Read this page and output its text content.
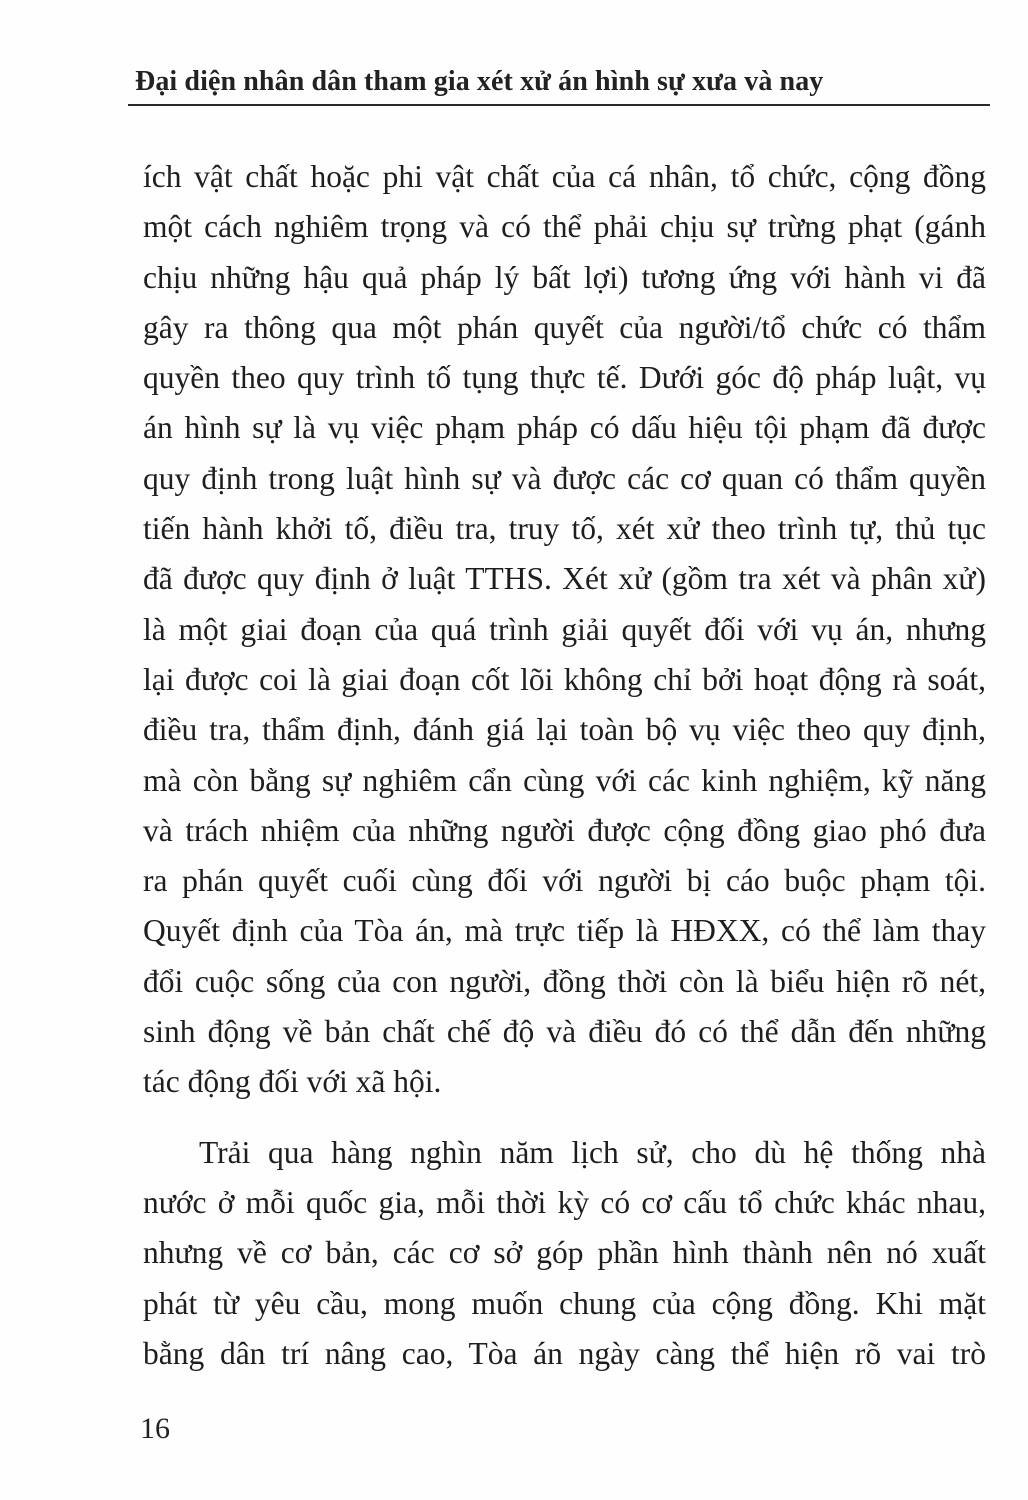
Đại diện nhân dân tham gia xét xử án hình sự xưa và nay
ích vật chất hoặc phi vật chất của cá nhân, tổ chức, cộng đồng
một cách nghiêm trọng và có thể phải chịu sự trừng phạt (gánh
chịu những hậu quả pháp lý bất lợi) tương ứng với hành vi đã
gây ra thông qua một phán quyết của người/tổ chức có thẩm
quyền theo quy trình tố tụng thực tế. Dưới góc độ pháp luật, vụ
án hình sự là vụ việc phạm pháp có dấu hiệu tội phạm đã được
quy định trong luật hình sự và được các cơ quan có thẩm quyền
tiến hành khởi tố, điều tra, truy tố, xét xử theo trình tự, thủ tục
đã được quy định ở luật TTHS. Xét xử (gồm tra xét và phân xử)
là một giai đoạn của quá trình giải quyết đối với vụ án, nhưng
lại được coi là giai đoạn cốt lõi không chỉ bởi hoạt động rà soát,
điều tra, thẩm định, đánh giá lại toàn bộ vụ việc theo quy định,
mà còn bằng sự nghiêm cẩn cùng với các kinh nghiệm, kỹ năng
và trách nhiệm của những người được cộng đồng giao phó đưa
ra phán quyết cuối cùng đối với người bị cáo buộc phạm tội.
Quyết định của Tòa án, mà trực tiếp là HĐXX, có thể làm thay
đổi cuộc sống của con người, đồng thời còn là biểu hiện rõ nét,
sinh động về bản chất chế độ và điều đó có thể dẫn đến những
tác động đối với xã hội.
Trải qua hàng nghìn năm lịch sử, cho dù hệ thống nhà
nước ở mỗi quốc gia, mỗi thời kỳ có cơ cấu tổ chức khác nhau,
nhưng về cơ bản, các cơ sở góp phần hình thành nên nó xuất
phát từ yêu cầu, mong muốn chung của cộng đồng. Khi mặt
bằng dân trí nâng cao, Tòa án ngày càng thể hiện rõ vai trò
16
